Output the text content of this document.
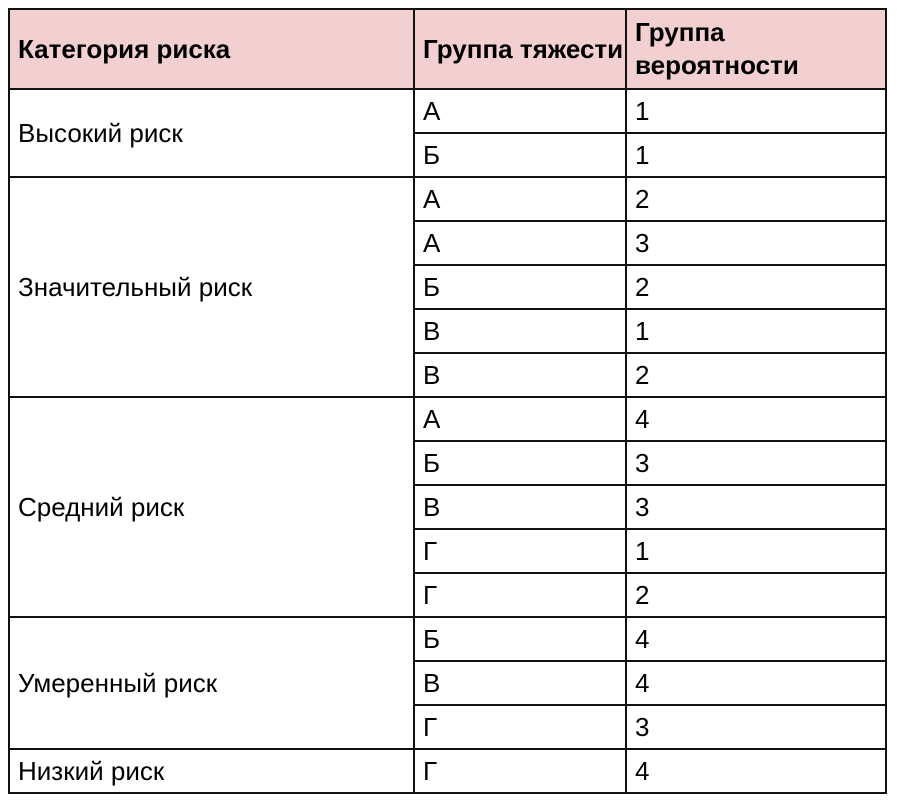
Категория риска	Группа тяжести	Группа вероятности
Высокий риск	А	1
	Б	1
Значительный риск	А	2
	А	3
	Б	2
	В	1
	В	2
Средний риск	А	4
	Б	3
	В	3
	Г	1
	Г	2
Умеренный риск	Б	4
	В	4
	Г	3
Низкий риск	Г	4
